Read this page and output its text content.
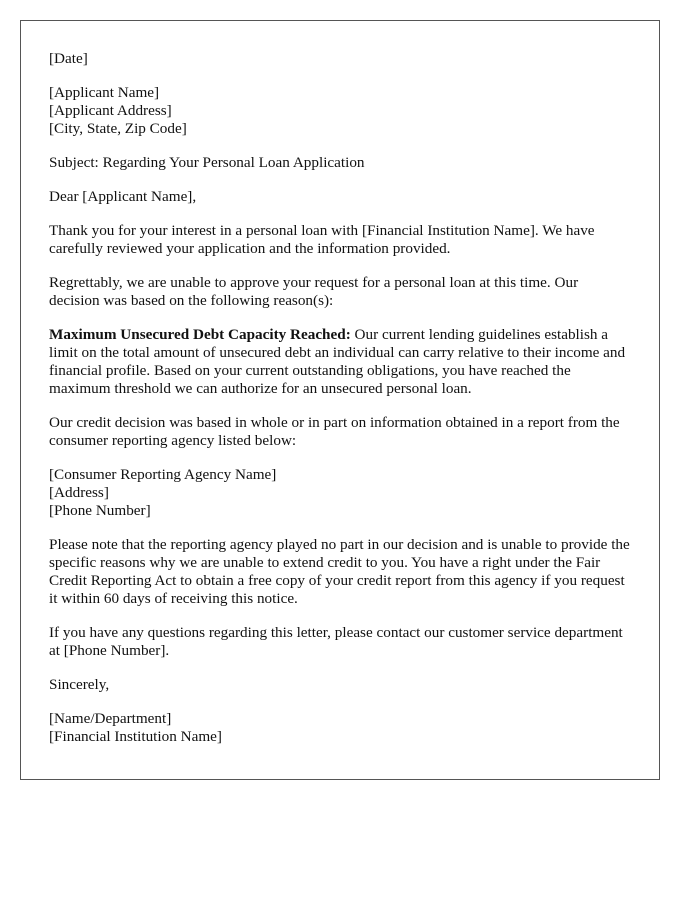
[Date]

[Applicant Name]
[Applicant Address]
[City, State, Zip Code]

Subject: Regarding Your Personal Loan Application

Dear [Applicant Name],

Thank you for your interest in a personal loan with [Financial Institution Name]. We have carefully reviewed your application and the information provided.

Regrettably, we are unable to approve your request for a personal loan at this time. Our decision was based on the following reason(s):

Maximum Unsecured Debt Capacity Reached: Our current lending guidelines establish a limit on the total amount of unsecured debt an individual can carry relative to their income and financial profile. Based on your current outstanding obligations, you have reached the maximum threshold we can authorize for an unsecured personal loan.

Our credit decision was based in whole or in part on information obtained in a report from the consumer reporting agency listed below:

[Consumer Reporting Agency Name]
[Address]
[Phone Number]

Please note that the reporting agency played no part in our decision and is unable to provide the specific reasons why we are unable to extend credit to you. You have a right under the Fair Credit Reporting Act to obtain a free copy of your credit report from this agency if you request it within 60 days of receiving this notice.

If you have any questions regarding this letter, please contact our customer service department at [Phone Number].

Sincerely,

[Name/Department]
[Financial Institution Name]
